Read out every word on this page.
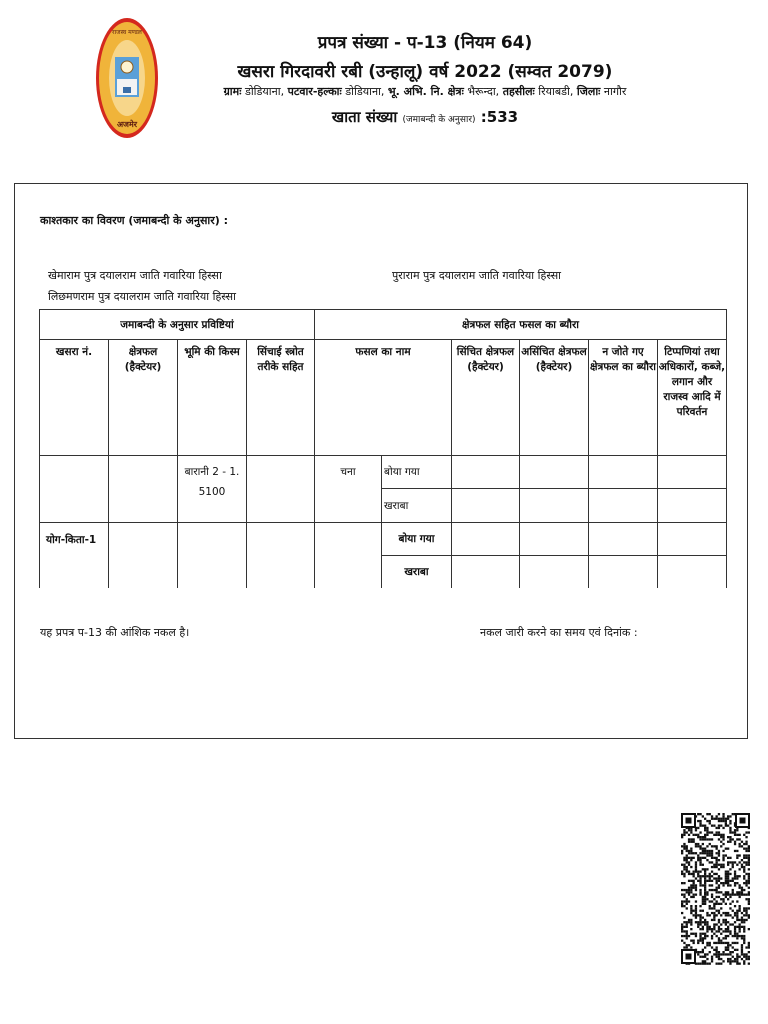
राजस्व मण्डल
अजमेर
प्रपत्र संख्या - प-13 (नियम 64)
खसरा गिरदावरी रबी (उन्हालू) वर्ष 2022 (सम्वत 2079)
ग्रामः डोडियाना, पटवार-हल्काः डोडियाना, भू. अभि. नि. क्षेत्रः भैरून्दा, तहसीलः रियाबडी, जिलाः नागौर
खाता संख्या (जमाबन्दी के अनुसार) :533
काश्तकार का विवरण (जमाबन्दी के अनुसार) :
खेमाराम पुत्र दयालराम जाति गवारिया हिस्सा
लिछमणराम पुत्र दयालराम जाति गवारिया हिस्सा
पुराराम पुत्र दयालराम जाति गवारिया हिस्सा
जमाबन्दी के अनुसार प्रविष्टियां				क्षेत्रफल सहित फसल का ब्यौरा					
खसरा नं.	क्षेत्रफल (हैक्टेयर)	भूमि की किस्म	सिंचाई स्त्रोत तरीके सहित	फसल का नाम		सिंचित क्षेत्रफल (हैक्टेयर)	असिंचित क्षेत्रफल (हैक्टेयर)	न जोते गए क्षेत्रफल का ब्यौरा	टिप्पणियां तथा अधिकारों, कब्जे, लगान और राजस्व आदि में परिवर्तन

		बारानी 2 - 1. 5100		चना	बोया गया				
					खराबा				
योग-किता-1					बोया गया				
					खराबा				
यह प्रपत्र प-13 की आंशिक नकल है।	नकल जारी करने का समय एवं दिनांक :
